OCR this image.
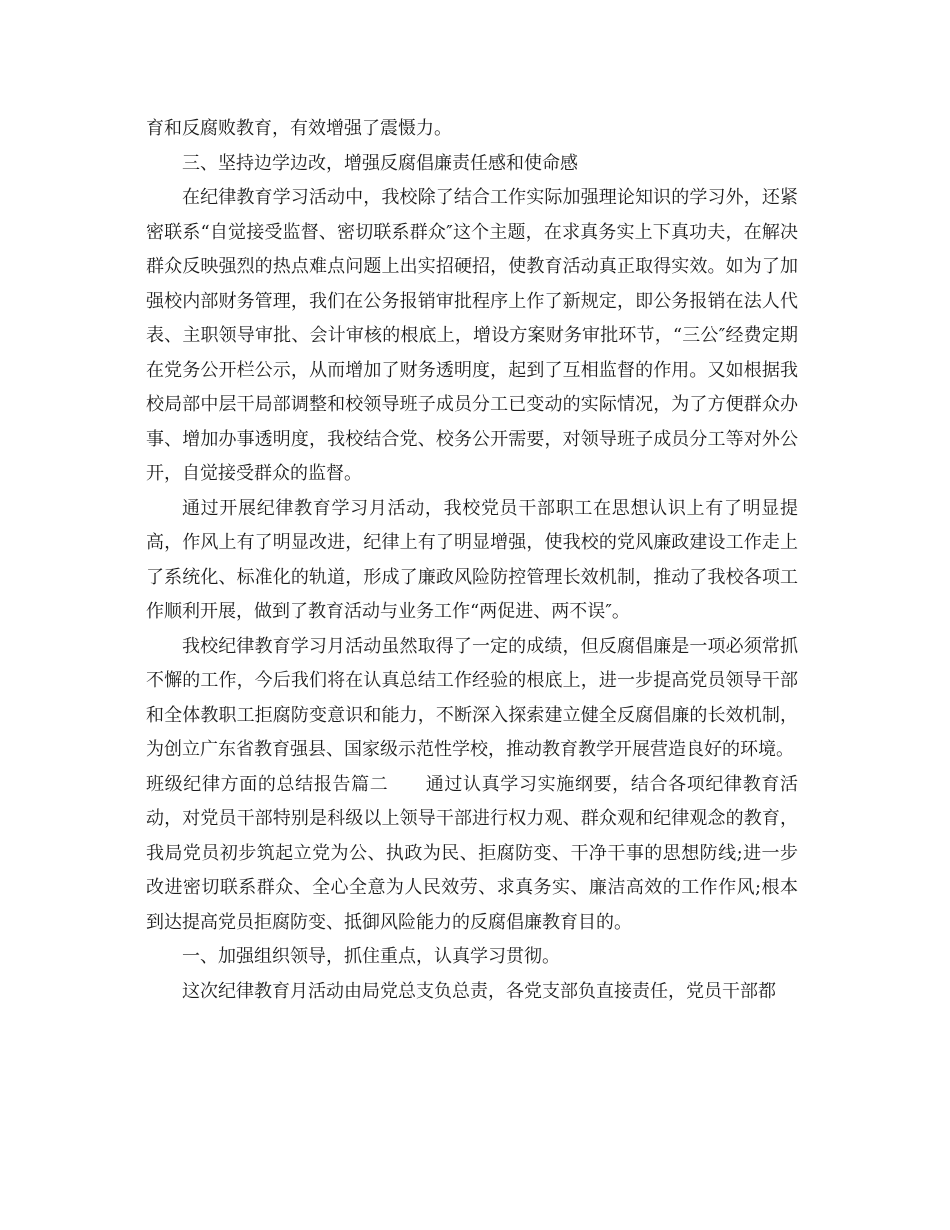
育和反腐败教育，有效增强了震慑力。

三、坚持边学边改，增强反腐倡廉责任感和使命感

在纪律教育学习活动中，我校除了结合工作实际加强理论知识的学习外，还紧密联系“自觉接受监督、密切联系群众″这个主题，在求真务实上下真功夫，在解决群众反映强烈的热点难点问题上出实招硬招，使教育活动真正取得实效。如为了加强校内部财务管理，我们在公务报销审批程序上作了新规定，即公务报销在法人代表、主职领导审批、会计审核的根底上，增设方案财务审批环节，“三公″经费定期在党务公开栏公示，从而增加了财务透明度，起到了互相监督的作用。又如根据我校局部中层干局部调整和校领导班子成员分工已变动的实际情况，为了方便群众办事、增加办事透明度，我校结合党、校务公开需要，对领导班子成员分工等对外公开，自觉接受群众的监督。

通过开展纪律教育学习月活动，我校党员干部职工在思想认识上有了明显提高，作风上有了明显改进，纪律上有了明显增强，使我校的党风廉政建设工作走上了系统化、标准化的轨道，形成了廉政风险防控管理长效机制，推动了我校各项工作顺利开展，做到了教育活动与业务工作“两促进、两不误″。

我校纪律教育学习月活动虽然取得了一定的成绩，但反腐倡廉是一项必须常抓不懈的工作，今后我们将在认真总结工作经验的根底上，进一步提高党员领导干部和全体教职工拒腐防变意识和能力，不断深入探索建立健全反腐倡廉的长效机制，为创立广东省教育强县、国家级示范性学校，推动教育教学开展营造良好的环境。

班级纪律方面的总结报告篇二　　通过认真学习实施纲要，结合各项纪律教育活动，对党员干部特别是科级以上领导干部进行权力观、群众观和纪律观念的教育，我局党员初步筑起立党为公、执政为民、拒腐防变、干净干事的思想防线;进一步改进密切联系群众、全心全意为人民效劳、求真务实、廉洁高效的工作作风;根本到达提高党员拒腐防变、抵御风险能力的反腐倡廉教育目的。

一、加强组织领导，抓住重点，认真学习贯彻。

这次纪律教育月活动由局党总支负总责，各党支部负直接责任，党员干部都
